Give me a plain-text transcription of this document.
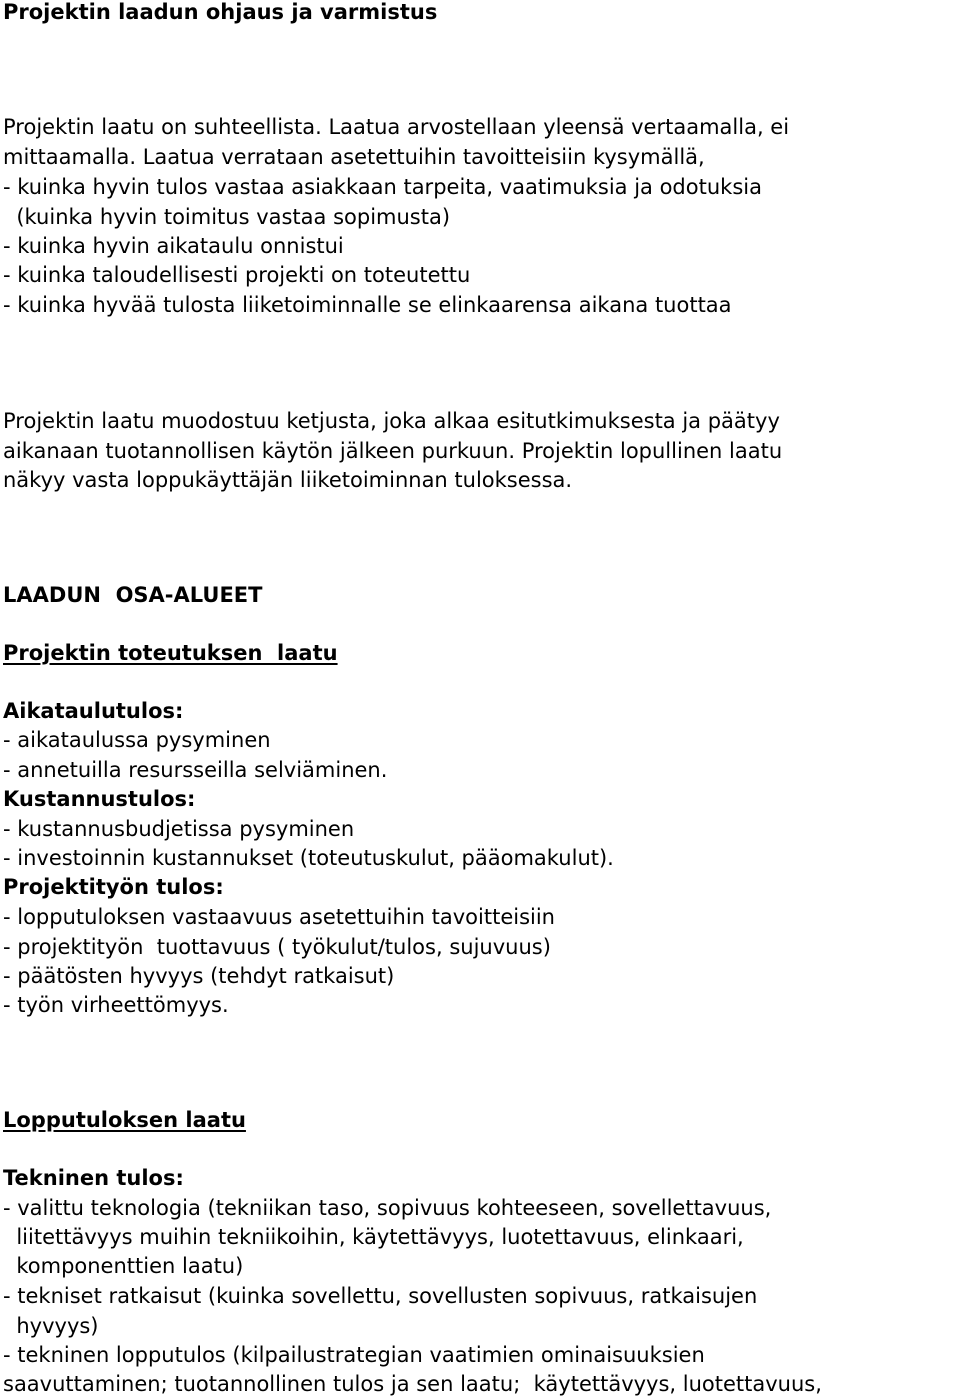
Projektin laadun ohjaus ja varmistus

Projektin laatu on suhteellista. Laatua arvostellaan yleensä vertaamalla, ei

mittaamalla. Laatua verrataan asetettuihin tavoitteisiin kysymällä,

- kuinka hyvin tulos vastaa asiakkaan tarpeita, vaatimuksia ja odotuksia

(kuinka hyvin toimitus vastaa sopimusta)

- kuinka hyvin aikataulu onnistui

- kuinka taloudellisesti projekti on toteutettu

- kuinka hyvää tulosta liiketoiminnalle se elinkaarensa aikana tuottaa

Projektin laatu muodostuu ketjusta, joka alkaa esitutkimuksesta ja päätyy

aikanaan tuotannollisen käytön jälkeen purkuun. Projektin lopullinen laatu

näkyy vasta loppukäyttäjän liiketoiminnan tuloksessa.

LAADUN  OSA-ALUEET

Projektin toteutuksen  laatu

Aikataulutulos:

- aikataulussa pysyminen

- annetuilla resursseilla selviäminen.

Kustannustulos:

- kustannusbudjetissa pysyminen

- investoinnin kustannukset (toteutuskulut, pääomakulut).

Projektityön tulos:

- lopputuloksen vastaavuus asetettuihin tavoitteisiin

- projektityön  tuottavuus ( työkulut/tulos, sujuvuus)

- päätösten hyvyys (tehdyt ratkaisut)

- työn virheettömyys.

Lopputuloksen laatu

Tekninen tulos:

- valittu teknologia (tekniikan taso, sopivuus kohteeseen, sovellettavuus,

liitettävyys muihin tekniikoihin, käytettävyys, luotettavuus, elinkaari,

komponenttien laatu)

- tekniset ratkaisut (kuinka sovellettu, sovellusten sopivuus, ratkaisujen

hyvyys)

- tekninen lopputulos (kilpailustrategian vaatimien ominaisuuksien

saavuttaminen; tuotannollinen tulos ja sen laatu;  käytettävyys, luotettavuus,
